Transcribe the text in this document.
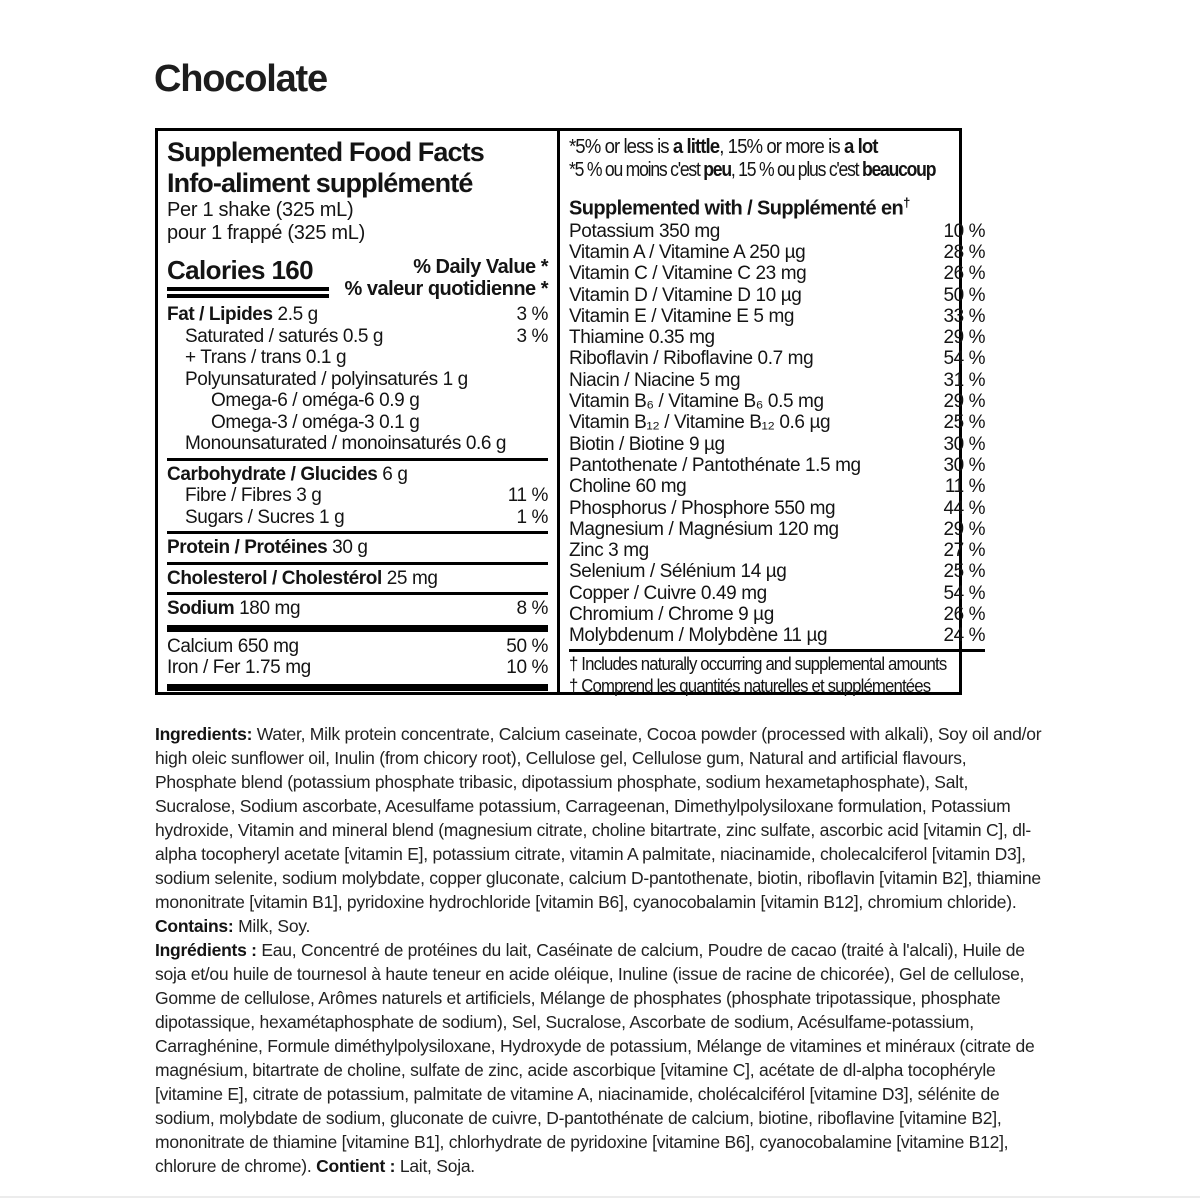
Chocolate
Supplemented Food Facts
Info-aliment supplémenté
Per 1 shake (325 mL)
pour 1 frappé (325 mL)
Calories 160	% Daily Value *
% valeur quotidienne *
Fat / Lipides 2.5 g	3 %
Saturated / saturés 0.5 g	3 %
+ Trans / trans 0.1 g
Polyunsaturated / polyinsaturés 1 g
Omega-6 / oméga-6 0.9 g
Omega-3 / oméga-3 0.1 g
Monounsaturated / monoinsaturés 0.6 g
Carbohydrate / Glucides 6 g
Fibre / Fibres 3 g	11 %
Sugars / Sucres 1 g	1 %
Protein / Protéines 30 g
Cholesterol / Cholestérol 25 mg
Sodium 180 mg	8 %
Calcium 650 mg	50 %
Iron / Fer 1.75 mg	10 %
*5% or less is a little, 15% or more is a lot
*5 % ou moins c'est peu, 15 % ou plus c'est beaucoup
Supplemented with / Supplémenté en†
Potassium 350 mg	10 %
Vitamin A / Vitamine A 250 µg	28 %
Vitamin C / Vitamine C 23 mg	26 %
Vitamin D / Vitamine D 10 µg	50 %
Vitamin E / Vitamine E 5 mg	33 %
Thiamine 0.35 mg	29 %
Riboflavin / Riboflavine 0.7 mg	54 %
Niacin / Niacine 5 mg	31 %
Vitamin B₆ / Vitamine B₆ 0.5 mg	29 %
Vitamin B₁₂ / Vitamine B₁₂ 0.6 µg	25 %
Biotin / Biotine 9 µg	30 %
Pantothenate / Pantothénate 1.5 mg	30 %
Choline 60 mg	11 %
Phosphorus / Phosphore 550 mg	44 %
Magnesium / Magnésium 120 mg	29 %
Zinc 3 mg	27 %
Selenium / Sélénium 14 µg	25 %
Copper / Cuivre 0.49 mg	54 %
Chromium / Chrome 9 µg	26 %
Molybdenum / Molybdène 11 µg	24 %
† Includes naturally occurring and supplemental amounts
† Comprend les quantités naturelles et supplémentées

Ingredients: Water, Milk protein concentrate, Calcium caseinate, Cocoa powder (processed with alkali), Soy oil and/or high oleic sunflower oil, Inulin (from chicory root), Cellulose gel, Cellulose gum, Natural and artificial flavours, Phosphate blend (potassium phosphate tribasic, dipotassium phosphate, sodium hexametaphosphate), Salt, Sucralose, Sodium ascorbate, Acesulfame potassium, Carrageenan, Dimethylpolysiloxane formulation, Potassium hydroxide, Vitamin and mineral blend (magnesium citrate, choline bitartrate, zinc sulfate, ascorbic acid [vitamin C], dl-alpha tocopheryl acetate [vitamin E], potassium citrate, vitamin A palmitate, niacinamide, cholecalciferol [vitamin D3], sodium selenite, sodium molybdate, copper gluconate, calcium D-pantothenate, biotin, riboflavin [vitamin B2], thiamine mononitrate [vitamin B1], pyridoxine hydrochloride [vitamin B6], cyanocobalamin [vitamin B12], chromium chloride). Contains: Milk, Soy.

Ingrédients : Eau, Concentré de protéines du lait, Caséinate de calcium, Poudre de cacao (traité à l'alcali), Huile de soja et/ou huile de tournesol à haute teneur en acide oléique, Inuline (issue de racine de chicorée), Gel de cellulose, Gomme de cellulose, Arômes naturels et artificiels, Mélange de phosphates (phosphate tripotassique, phosphate dipotassique, hexamétaphosphate de sodium), Sel, Sucralose, Ascorbate de sodium, Acésulfame-potassium, Carraghénine, Formule diméthylpolysiloxane, Hydroxyde de potassium, Mélange de vitamines et minéraux (citrate de magnésium, bitartrate de choline, sulfate de zinc, acide ascorbique [vitamine C], acétate de dl-alpha tocophéryle [vitamine E], citrate de potassium, palmitate de vitamine A, niacinamide, cholécalciférol [vitamine D3], sélénite de sodium, molybdate de sodium, gluconate de cuivre, D-pantothénate de calcium, biotine, riboflavine [vitamine B2], mononitrate de thiamine [vitamine B1], chlorhydrate de pyridoxine [vitamine B6], cyanocobalamine [vitamine B12], chlorure de chrome). Contient : Lait, Soja.
